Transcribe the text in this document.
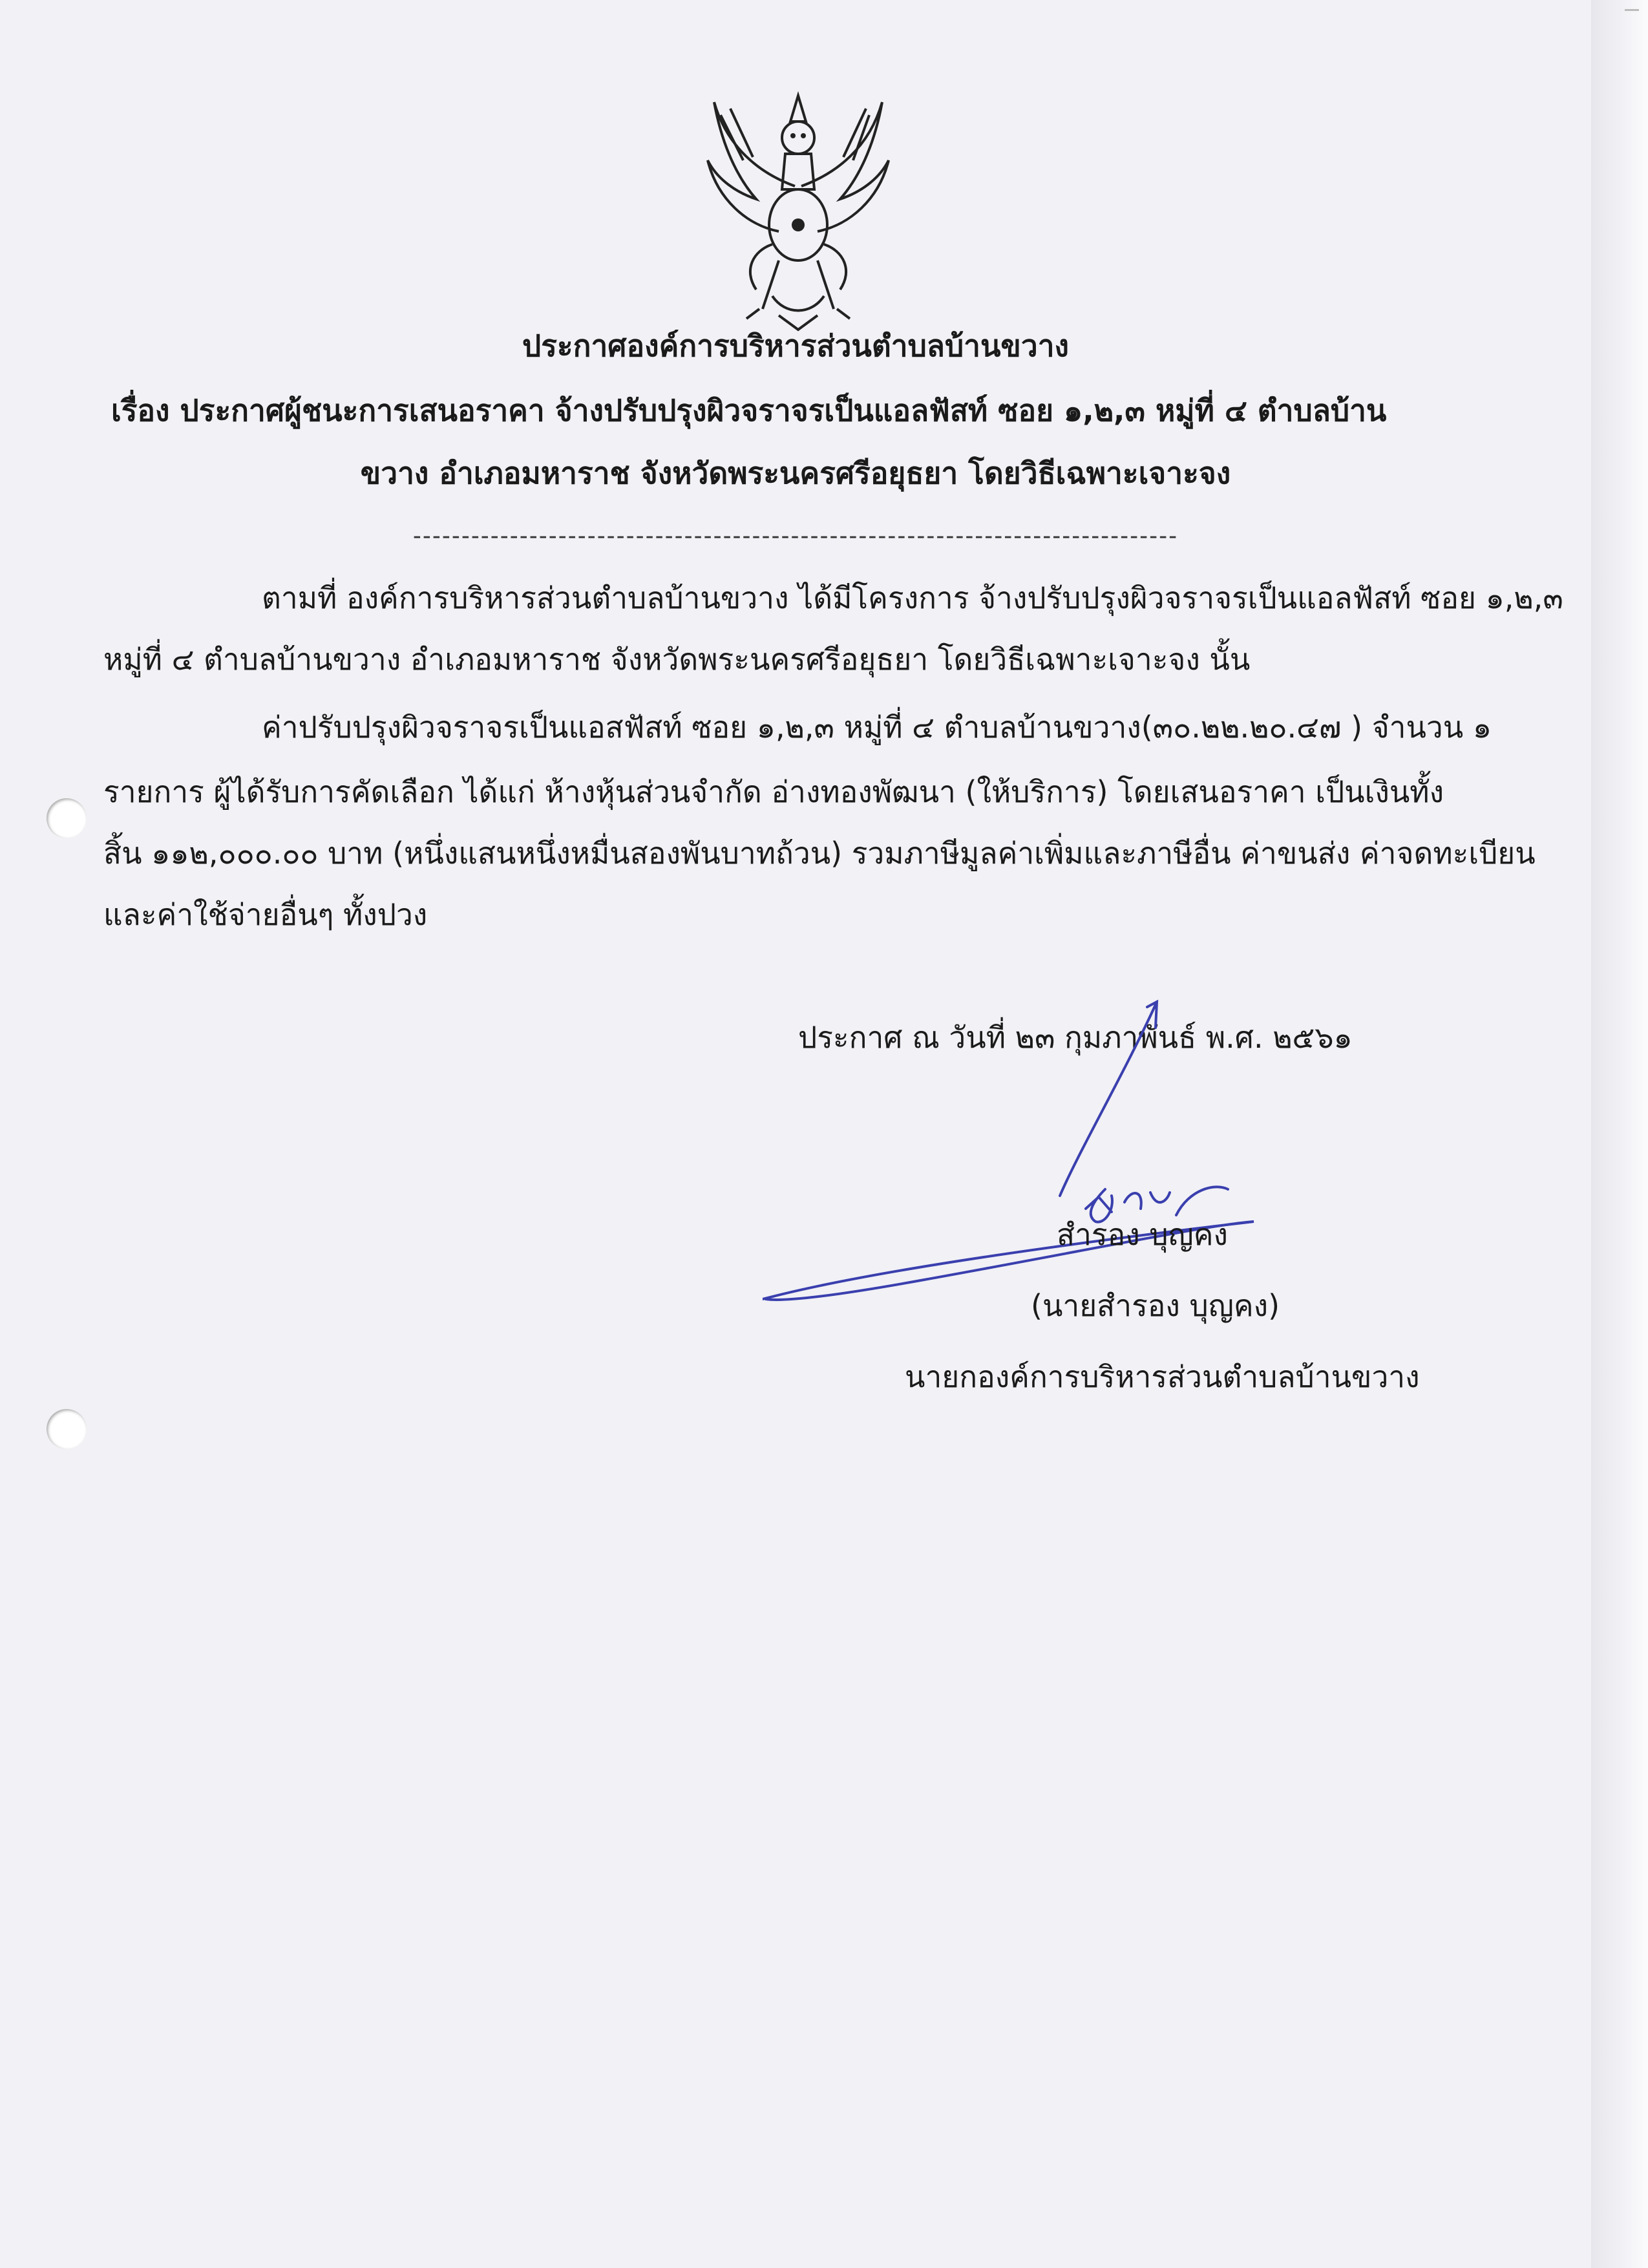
ประกาศองค์การบริหารส่วนตำบลบ้านขวาง
เรื่อง ประกาศผู้ชนะการเสนอราคา จ้างปรับปรุงผิวจราจรเป็นแอลฟัสท์ ซอย ๑,๒,๓ หมู่ที่ ๔ ตำบลบ้าน
ขวาง อำเภอมหาราช จังหวัดพระนครศรีอยุธยา โดยวิธีเฉพาะเจาะจง
-------------------------------------------------------------------------------
ตามที่ องค์การบริหารส่วนตำบลบ้านขวาง ได้มีโครงการ จ้างปรับปรุงผิวจราจรเป็นแอลฟัสท์ ซอย ๑,๒,๓
หมู่ที่ ๔ ตำบลบ้านขวาง อำเภอมหาราช จังหวัดพระนครศรีอยุธยา โดยวิธีเฉพาะเจาะจง นั้น
ค่าปรับปรุงผิวจราจรเป็นแอสฟัสท์ ซอย ๑,๒,๓ หมู่ที่ ๔ ตำบลบ้านขวาง(๓๐.๒๒.๒๐.๔๗ ) จำนวน ๑
รายการ ผู้ได้รับการคัดเลือก ได้แก่ ห้างหุ้นส่วนจำกัด อ่างทองพัฒนา (ให้บริการ) โดยเสนอราคา เป็นเงินทั้ง
สิ้น ๑๑๒,๐๐๐.๐๐ บาท (หนึ่งแสนหนึ่งหมื่นสองพันบาทถ้วน) รวมภาษีมูลค่าเพิ่มและภาษีอื่น ค่าขนส่ง ค่าจดทะเบียน
และค่าใช้จ่ายอื่นๆ ทั้งปวง
ประกาศ ณ วันที่ ๒๓ กุมภาพันธ์ พ.ศ. ๒๕๖๑
สำรอง บุญคง
(นายสำรอง บุญคง)
นายกองค์การบริหารส่วนตำบลบ้านขวาง
